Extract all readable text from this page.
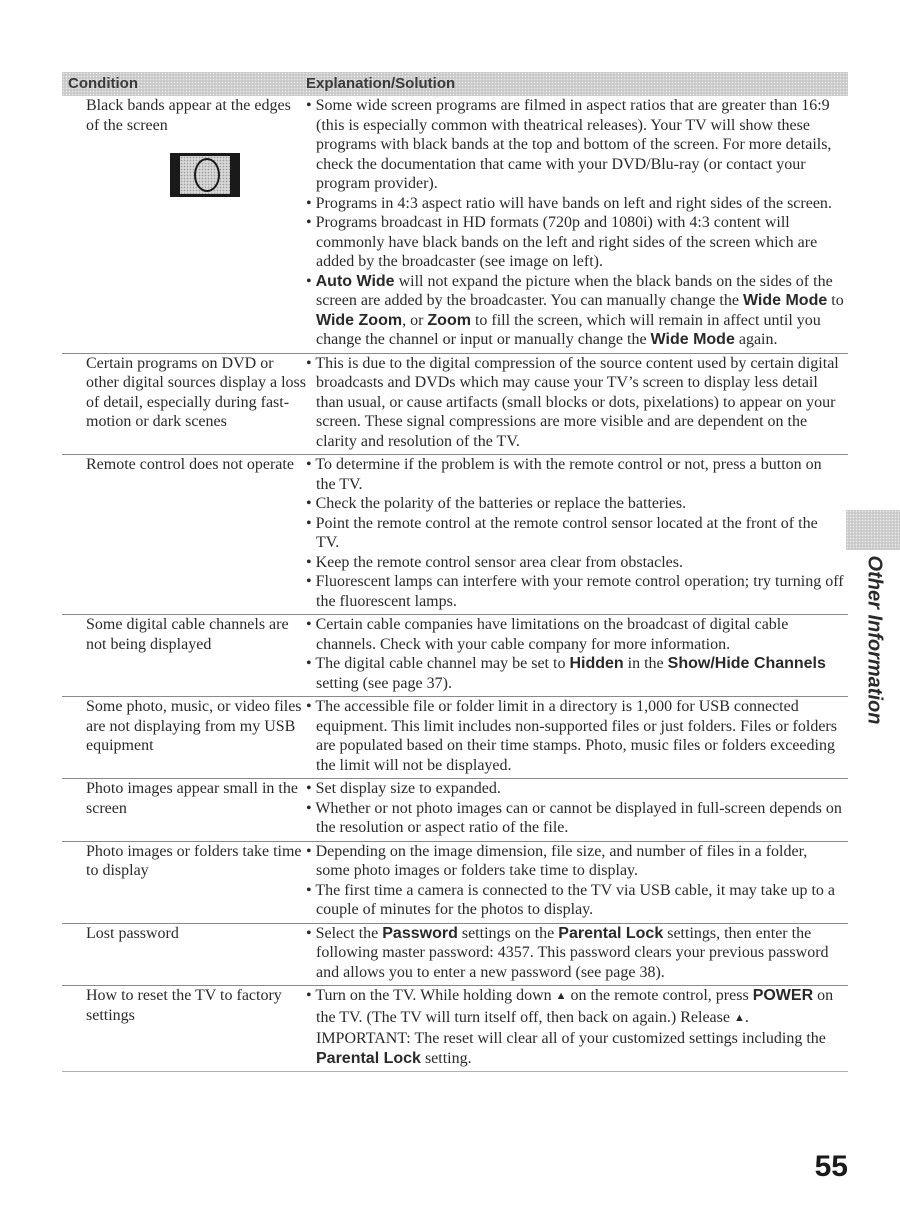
Condition	Explanation/Solution
Black bands appear at the edges of the screen
• Some wide screen programs are filmed in aspect ratios that are greater than 16:9 (this is especially common with theatrical releases). Your TV will show these programs with black bands at the top and bottom of the screen. For more details, check the documentation that came with your DVD/Blu-ray (or contact your program provider).
• Programs in 4:3 aspect ratio will have bands on left and right sides of the screen.
• Programs broadcast in HD formats (720p and 1080i) with 4:3 content will commonly have black bands on the left and right sides of the screen which are added by the broadcaster (see image on left).
• Auto Wide will not expand the picture when the black bands on the sides of the screen are added by the broadcaster. You can manually change the Wide Mode to Wide Zoom, or Zoom to fill the screen, which will remain in affect until you change the channel or input or manually change the Wide Mode again.
Certain programs on DVD or other digital sources display a loss of detail, especially during fast-motion or dark scenes
• This is due to the digital compression of the source content used by certain digital broadcasts and DVDs which may cause your TV’s screen to display less detail than usual, or cause artifacts (small blocks or dots, pixelations) to appear on your screen. These signal compressions are more visible and are dependent on the clarity and resolution of the TV.
Remote control does not operate • To determine if the problem is with the remote control or not, press a button on the TV.
• Check the polarity of the batteries or replace the batteries.
• Point the remote control at the remote control sensor located at the front of the TV.
• Keep the remote control sensor area clear from obstacles.
• Fluorescent lamps can interfere with your remote control operation; try turning off the fluorescent lamps.
Some digital cable channels are not being displayed
• Certain cable companies have limitations on the broadcast of digital cable channels. Check with your cable company for more information.
• The digital cable channel may be set to Hidden in the Show/Hide Channels setting (see page 37).
Some photo, music, or video files are not displaying from my USB equipment
• The accessible file or folder limit in a directory is 1,000 for USB connected equipment. This limit includes non-supported files or just folders. Files or folders are populated based on their time stamps. Photo, music files or folders exceeding the limit will not be displayed.
Photo images appear small in the screen
• Set display size to expanded.
• Whether or not photo images can or cannot be displayed in full-screen depends on the resolution or aspect ratio of the file.
Photo images or folders take time to display
• Depending on the image dimension, file size, and number of files in a folder, some photo images or folders take time to display.
• The first time a camera is connected to the TV via USB cable, it may take up to a couple of minutes for the photos to display.
Lost password	• Select the Password settings on the Parental Lock settings, then enter the following master password: 4357. This password clears your previous password and allows you to enter a new password (see page 38).
How to reset the TV to factory settings
• Turn on the TV. While holding down ▲ on the remote control, press POWER on the TV. (The TV will turn itself off, then back on again.) Release ▲.
IMPORTANT: The reset will clear all of your customized settings including the Parental Lock setting.
Other Information
55
